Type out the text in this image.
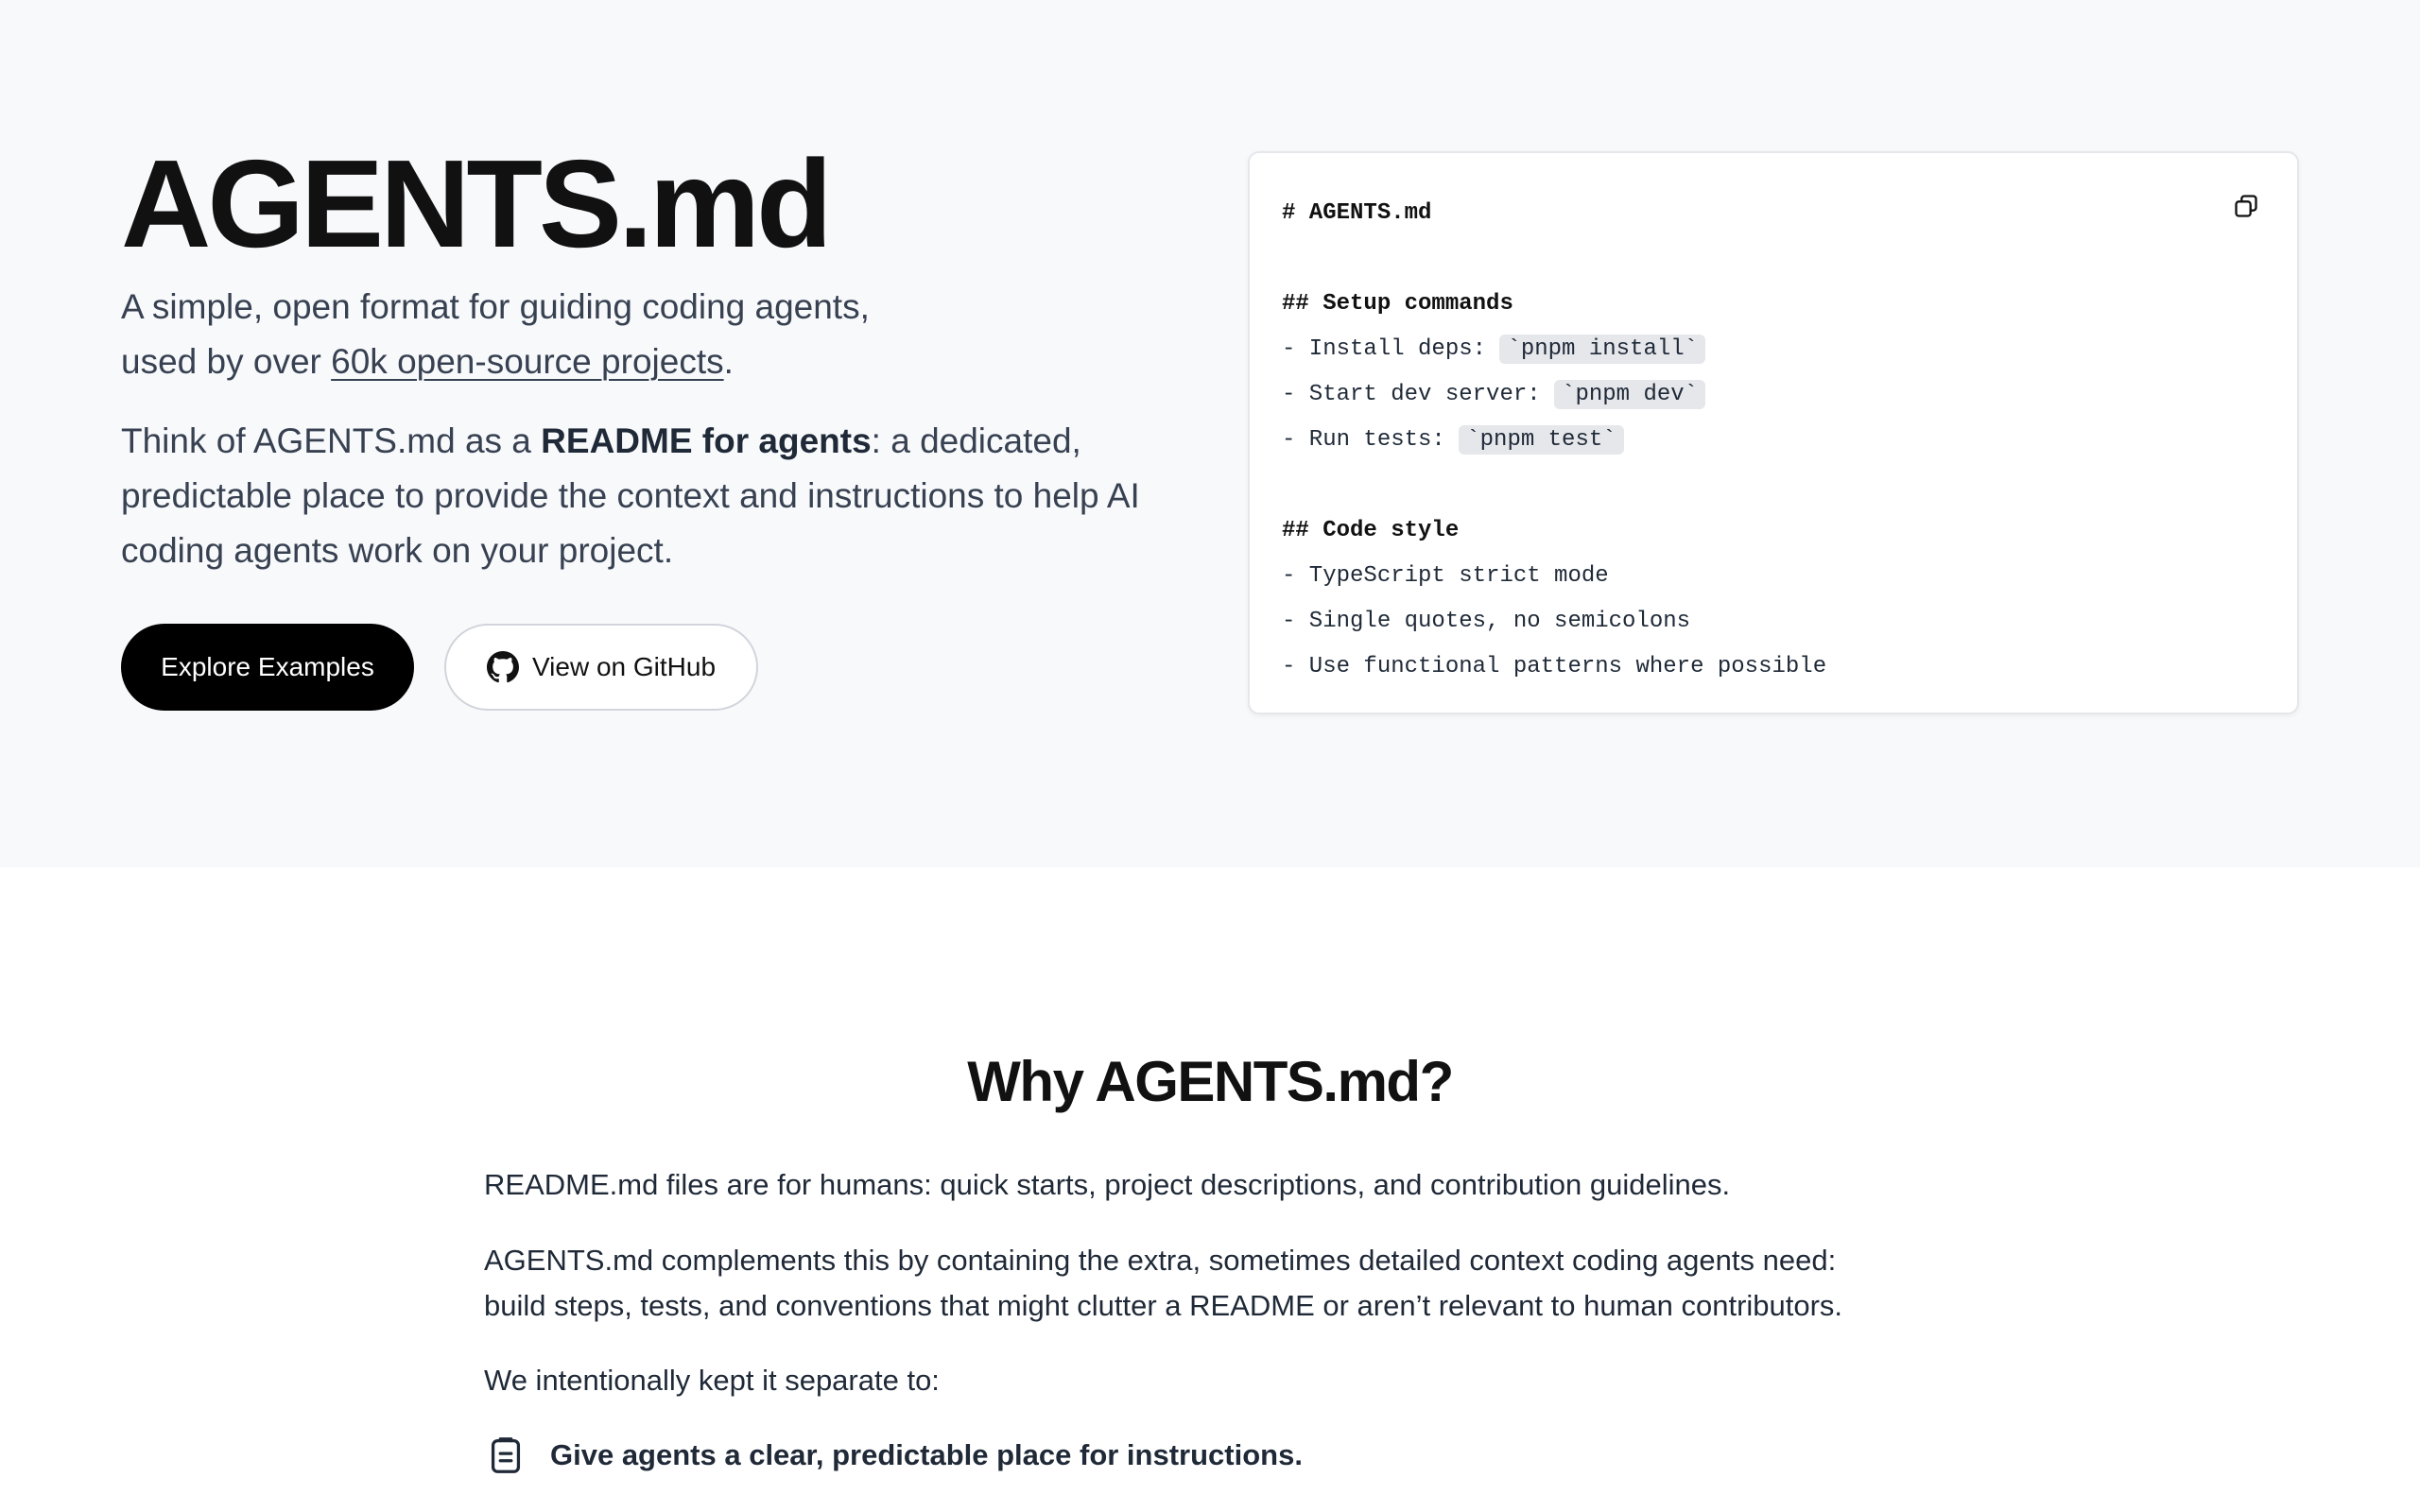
AGENTS.md

A simple, open format for guiding coding agents,
used by over 60k open-source projects.

Think of AGENTS.md as a README for agents: a dedicated, predictable place to provide the context and instructions to help AI coding agents work on your project.

Explore Examples	View on GitHub
# AGENTS.md

## Setup commands
- Install deps: `pnpm install`
- Start dev server: `pnpm dev`
- Run tests: `pnpm test`

## Code style
- TypeScript strict mode
- Single quotes, no semicolons
- Use functional patterns where possible
Why AGENTS.md?

README.md files are for humans: quick starts, project descriptions, and contribution guidelines.

AGENTS.md complements this by containing the extra, sometimes detailed context coding agents need:
build steps, tests, and conventions that might clutter a README or aren’t relevant to human contributors.

We intentionally kept it separate to:

Give agents a clear, predictable place for instructions.
